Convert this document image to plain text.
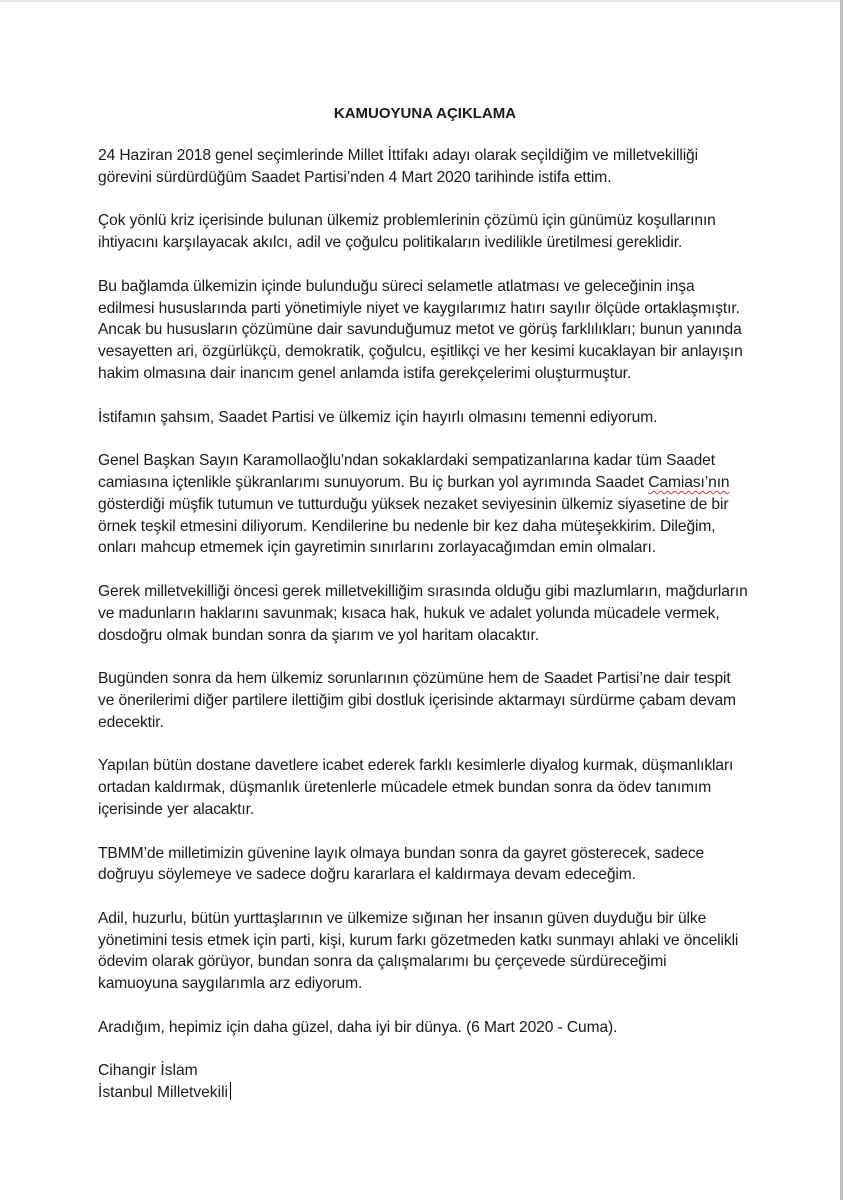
KAMUOYUNA AÇIKLAMA

24 Haziran 2018 genel seçimlerinde Millet İttifakı adayı olarak seçildiğim ve milletvekilliği görevini sürdürdüğüm Saadet Partisi’nden 4 Mart 2020 tarihinde istifa ettim.

Çok yönlü kriz içerisinde bulunan ülkemiz problemlerinin çözümü için günümüz koşullarının ihtiyacını karşılayacak akılcı, adil ve çoğulcu politikaların ivedilikle üretilmesi gereklidir.

Bu bağlamda ülkemizin içinde bulunduğu süreci selametle atlatması ve geleceğinin inşa edilmesi hususlarında parti yönetimiyle niyet ve kaygılarımız hatırı sayılır ölçüde ortaklaşmıştır. Ancak bu hususların çözümüne dair savunduğumuz metot ve görüş farklılıkları; bunun yanında vesayetten ari, özgürlükçü, demokratik, çoğulcu, eşitlikçi ve her kesimi kucaklayan bir anlayışın hakim olmasına dair inancım genel anlamda istifa gerekçelerimi oluşturmuştur.

İstifamın şahsım, Saadet Partisi ve ülkemiz için hayırlı olmasını temenni ediyorum.

Genel Başkan Sayın Karamollaoğlu'ndan sokaklardaki sempatizanlarına kadar tüm Saadet camiasına içtenlikle şükranlarımı sunuyorum. Bu iç burkan yol ayrımında Saadet Camiası’nın gösterdiği müşfik tutumun ve tutturduğu yüksek nezaket seviyesinin ülkemiz siyasetine de bir örnek teşkil etmesini diliyorum. Kendilerine bu nedenle bir kez daha müteşekkirim. Dileğim, onları mahcup etmemek için gayretimin sınırlarını zorlayacağımdan emin olmaları.

Gerek milletvekilliği öncesi gerek milletvekilliğim sırasında olduğu gibi mazlumların, mağdurların ve madunların haklarını savunmak; kısaca hak, hukuk ve adalet yolunda mücadele vermek, dosdoğru olmak bundan sonra da şiarım ve yol haritam olacaktır.

Bugünden sonra da hem ülkemiz sorunlarının çözümüne hem de Saadet Partisi’ne dair tespit ve önerilerimi diğer partilere ilettiğim gibi dostluk içerisinde aktarmayı sürdürme çabam devam edecektir.

Yapılan bütün dostane davetlere icabet ederek farklı kesimlerle diyalog kurmak, düşmanlıkları ortadan kaldırmak, düşmanlık üretenlerle mücadele etmek bundan sonra da ödev tanımım içerisinde yer alacaktır.

TBMM’de milletimizin güvenine layık olmaya bundan sonra da gayret gösterecek, sadece doğruyu söylemeye ve sadece doğru kararlara el kaldırmaya devam edeceğim.

Adil, huzurlu, bütün yurttaşlarının ve ülkemize sığınan her insanın güven duyduğu bir ülke yönetimini tesis etmek için parti, kişi, kurum farkı gözetmeden katkı sunmayı ahlaki ve öncelikli ödevim olarak görüyor, bundan sonra da çalışmalarımı bu çerçevede sürdüreceğimi kamuoyuna saygılarımla arz ediyorum.

Aradığım, hepimiz için daha güzel, daha iyi bir dünya. (6 Mart 2020 - Cuma).

Cihangir İslam
İstanbul Milletvekili
